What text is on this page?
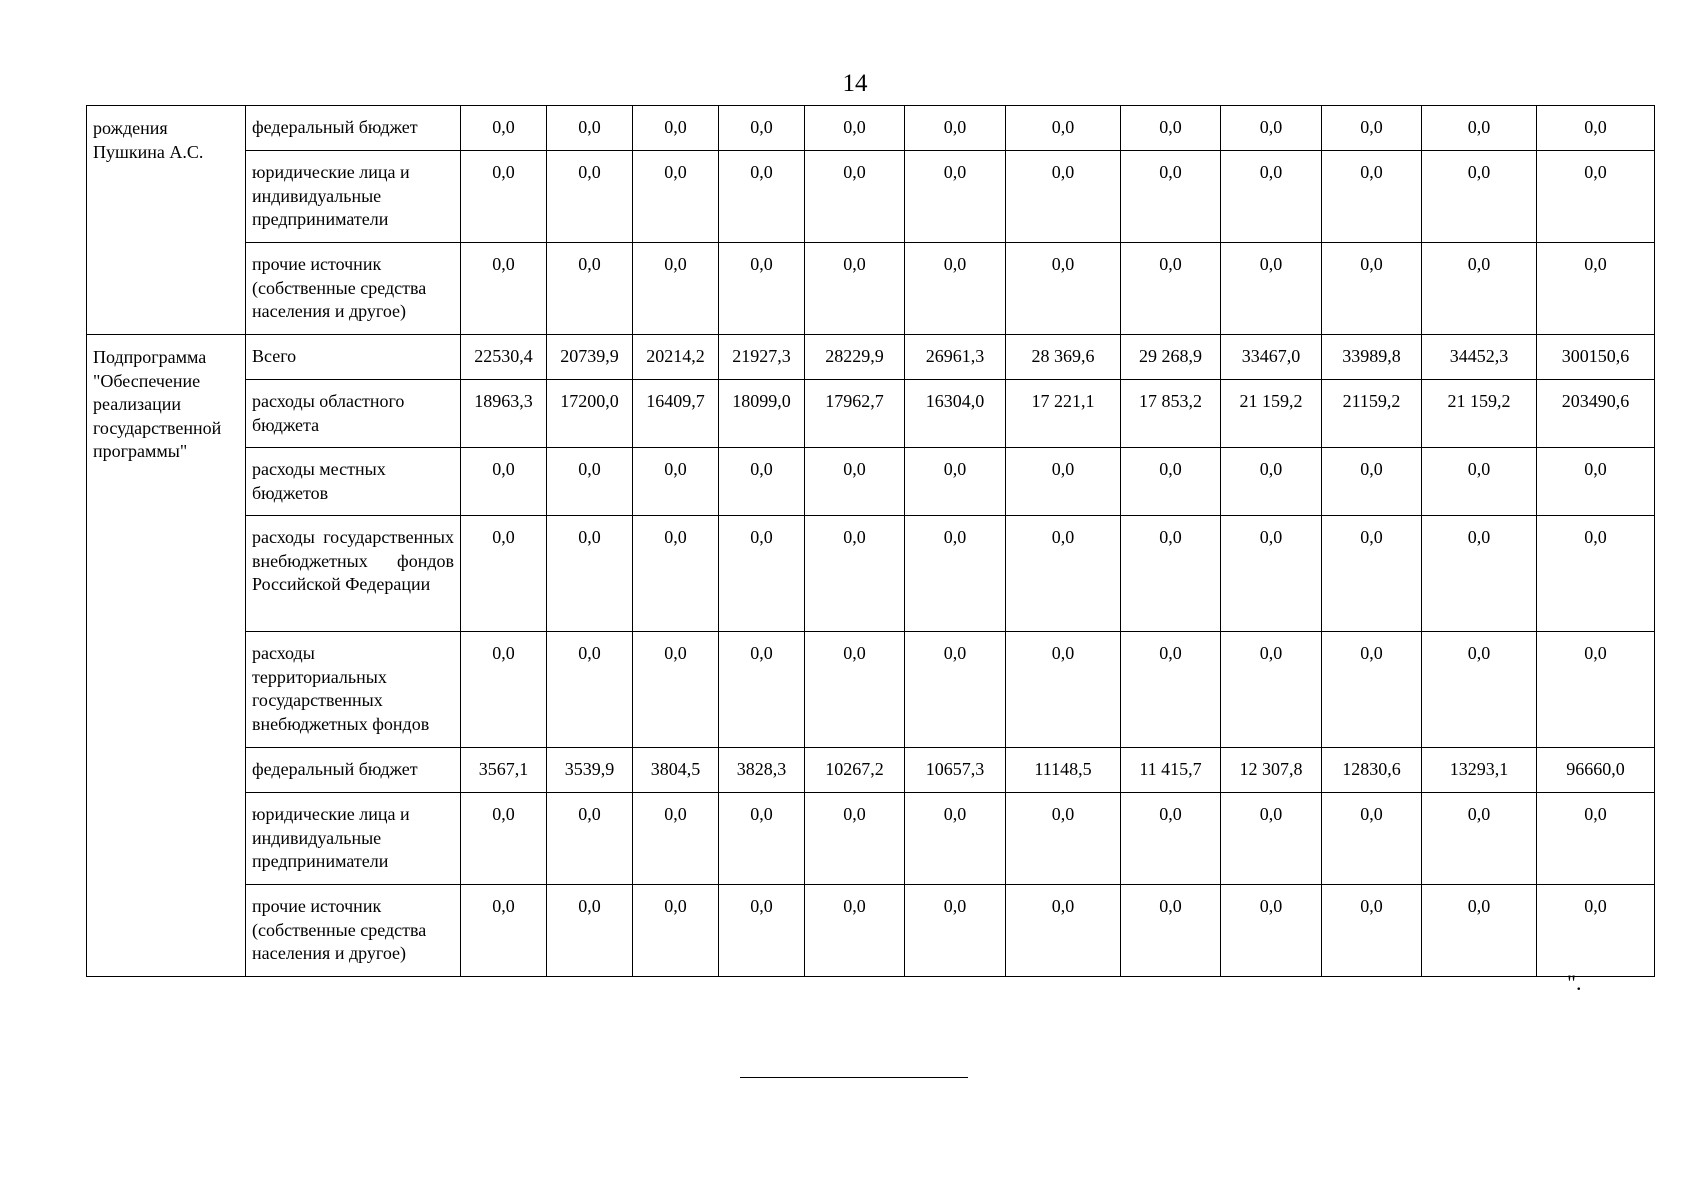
14
рождения Пушкина А.С.	федеральный бюджет	0,0	0,0	0,0	0,0	0,0	0,0	0,0	0,0	0,0	0,0	0,0	0,0
	юридические лица и индивидуальные предприниматели	0,0	0,0	0,0	0,0	0,0	0,0	0,0	0,0	0,0	0,0	0,0	0,0
	прочие источник (собственные средства населения и другое)	0,0	0,0	0,0	0,0	0,0	0,0	0,0	0,0	0,0	0,0	0,0	0,0
Подпрограмма "Обеспечение реализации государственной программы"	Всего	22530,4	20739,9	20214,2	21927,3	28229,9	26961,3	28 369,6	29 268,9	33467,0	33989,8	34452,3	300150,6
	расходы областного бюджета	18963,3	17200,0	16409,7	18099,0	17962,7	16304,0	17 221,1	17 853,2	21 159,2	21159,2	21 159,2	203490,6
	расходы местных бюджетов	0,0	0,0	0,0	0,0	0,0	0,0	0,0	0,0	0,0	0,0	0,0	0,0
	расходы государственных внебюджетных фондов Российской Федерации	0,0	0,0	0,0	0,0	0,0	0,0	0,0	0,0	0,0	0,0	0,0	0,0
	расходы территориальных государственных внебюджетных фондов	0,0	0,0	0,0	0,0	0,0	0,0	0,0	0,0	0,0	0,0	0,0	0,0
	федеральный бюджет	3567,1	3539,9	3804,5	3828,3	10267,2	10657,3	11148,5	11 415,7	12 307,8	12830,6	13293,1	96660,0
	юридические лица и индивидуальные предприниматели	0,0	0,0	0,0	0,0	0,0	0,0	0,0	0,0	0,0	0,0	0,0	0,0
	прочие источник (собственные средства населения и другое)	0,0	0,0	0,0	0,0	0,0	0,0	0,0	0,0	0,0	0,0	0,0	0,0
".
